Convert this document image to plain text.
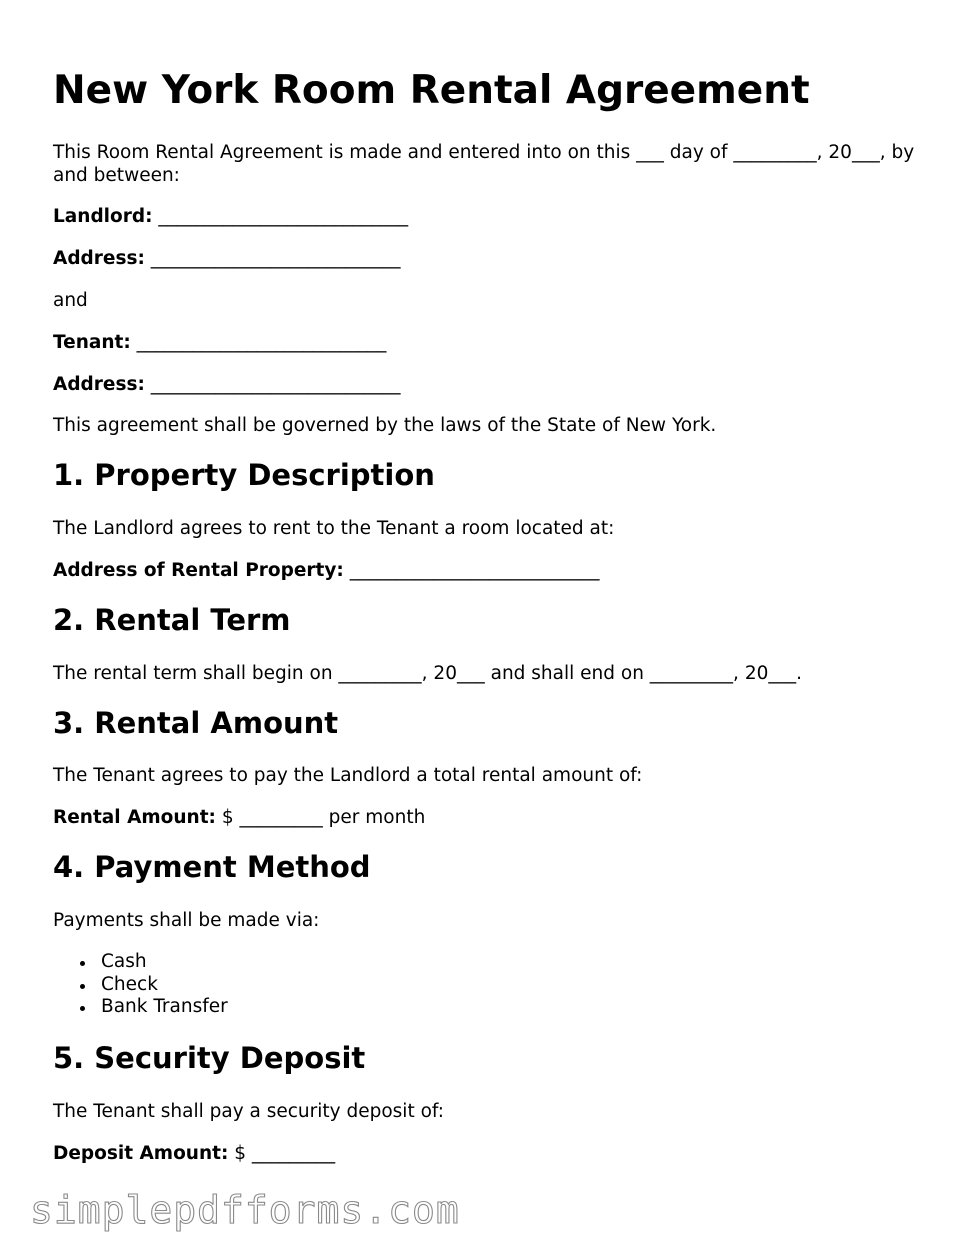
New York Room Rental Agreement

This Room Rental Agreement is made and entered into on this ___ day of _________, 20___, by and between:

Landlord: ___________________________

Address: ___________________________

and

Tenant: ___________________________

Address: ___________________________

This agreement shall be governed by the laws of the State of New York.

1. Property Description

The Landlord agrees to rent to the Tenant a room located at:

Address of Rental Property: ___________________________

2. Rental Term

The rental term shall begin on _________, 20___ and shall end on _________, 20___.

3. Rental Amount

The Tenant agrees to pay the Landlord a total rental amount of:

Rental Amount: $ _________ per month

4. Payment Method

Payments shall be made via:

Cash
Check
Bank Transfer
5. Security Deposit

The Tenant shall pay a security deposit of:

Deposit Amount: $ _________

simplepdfforms.com
